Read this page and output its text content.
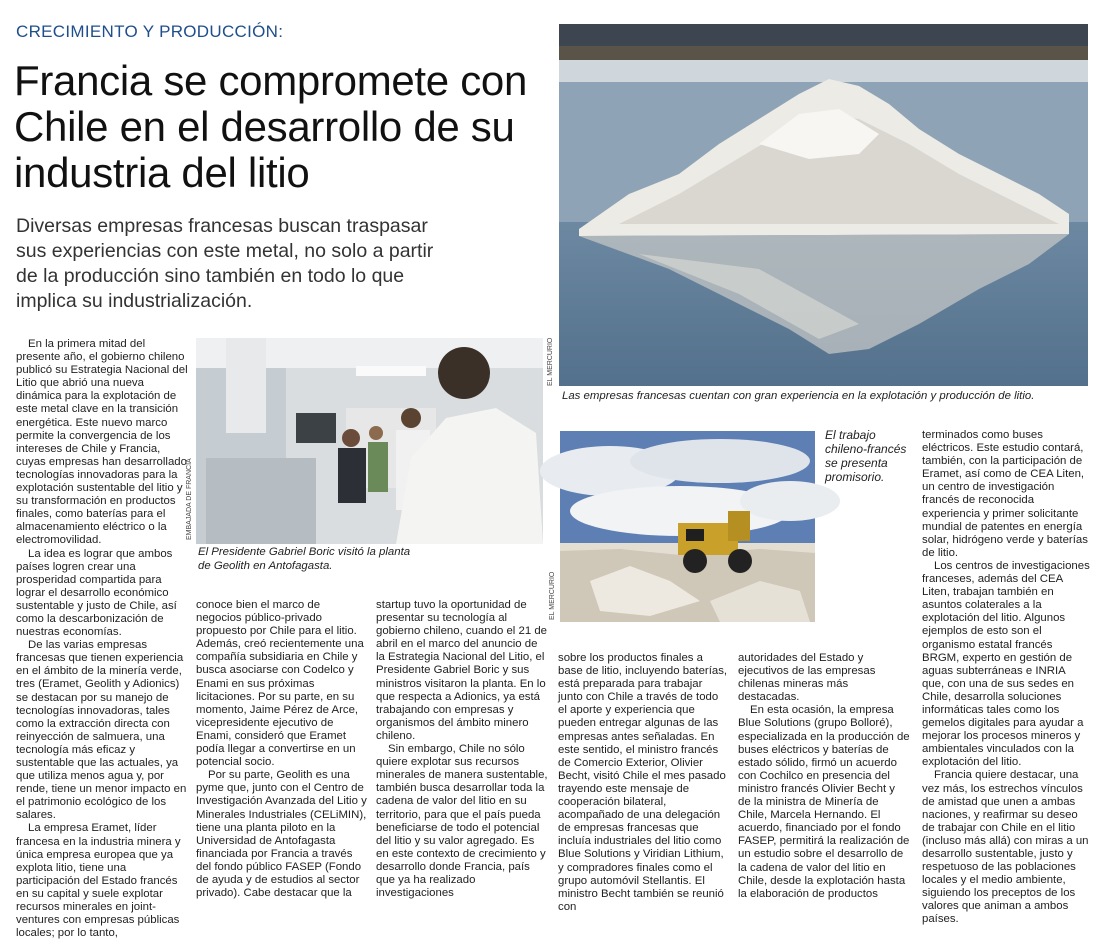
CRECIMIENTO Y PRODUCCIÓN:
Francia se compromete con Chile en el desarrollo de su industria del litio
Diversas empresas francesas buscan traspasar sus experiencias con este metal, no solo a partir de la producción sino también en todo lo que implica su industrialización.
Las empresas francesas cuentan con gran experiencia en la explotación y producción de litio.
EL MERCURIO
El Presidente Gabriel Boric visitó la planta de Geolith en Antofagasta.
EMBAJADA DE FRANCIA
EL MERCURIO
El trabajo chileno-francés se presenta promisorio.

En la primera mitad del presente año, el gobierno chileno publicó su Estrategia Nacional del Litio que abrió una nueva dinámica para la explotación de este metal clave en la transición energética. Este nuevo marco permite la convergencia de los intereses de Chile y Francia, cuyas empresas han desarrollado tecnologías innovadoras para la explotación sustentable del litio y su transformación en productos finales, como baterías para el almacenamiento eléctrico o la electromovilidad.

La idea es lograr que ambos países logren crear una prosperidad compartida para lograr el desarrollo económico sustentable y justo de Chile, así como la descarbonización de nuestras economías.

De las varias empresas francesas que tienen experiencia en el ámbito de la minería verde, tres (Eramet, Geolith y Adionics) se destacan por su manejo de tecnologías innovadoras, tales como la extracción directa con reinyección de salmuera, una tecnología más eficaz y sustentable que las actuales, ya que utiliza menos agua y, por rende, tiene un menor impacto en el patrimonio ecológico de los salares.

La empresa Eramet, líder francesa en la industria minera y única empresa europea que ya explota litio, tiene una participación del Estado francés en su capital y suele explotar recursos minerales en joint-ventures con empresas públicas locales; por lo tanto,

conoce bien el marco de negocios público-privado propuesto por Chile para el litio. Además, creó recientemente una compañía subsidiaria en Chile y busca asociarse con Codelco y Enami en sus próximas licitaciones. Por su parte, en su momento, Jaime Pérez de Arce, vicepresidente ejecutivo de Enami, consideró que Eramet podía llegar a convertirse en un potencial socio.

Por su parte, Geolith es una pyme que, junto con el Centro de Investigación Avanzada del Litio y Minerales Industriales (CELiMIN), tiene una planta piloto en la Universidad de Antofagasta financiada por Francia a través del fondo público FASEP (Fondo de ayuda y de estudios al sector privado). Cabe destacar que la

startup tuvo la oportunidad de presentar su tecnología al gobierno chileno, cuando el 21 de abril en el marco del anuncio de la Estrategia Nacional del Litio, el Presidente Gabriel Boric y sus ministros visitaron la planta. En lo que respecta a Adionics, ya está trabajando con empresas y organismos del ámbito minero chileno.

Sin embargo, Chile no sólo quiere explotar sus recursos minerales de manera sustentable, también busca desarrollar toda la cadena de valor del litio en su territorio, para que el país pueda beneficiarse de todo el potencial del litio y su valor agregado. Es en este contexto de crecimiento y desarrollo donde Francia, país que ya ha realizado investigaciones

sobre los productos finales a base de litio, incluyendo baterías, está preparada para trabajar junto con Chile a través de todo el aporte y experiencia que pueden entregar algunas de las empresas antes señaladas. En este sentido, el ministro francés de Comercio Exterior, Olivier Becht, visitó Chile el mes pasado trayendo este mensaje de cooperación bilateral, acompañado de una delegación de empresas francesas que incluía industriales del litio como Blue Solutions y Viridian Lithium, y compradores finales como el grupo automóvil Stellantis. El ministro Becht también se reunió con

autoridades del Estado y ejecutivos de las empresas chilenas mineras más destacadas.

En esta ocasión, la empresa Blue Solutions (grupo Bolloré), especializada en la producción de buses eléctricos y baterías de estado sólido, firmó un acuerdo con Cochilco en presencia del ministro francés Olivier Becht y de la ministra de Minería de Chile, Marcela Hernando. El acuerdo, financiado por el fondo FASEP, permitirá la realización de un estudio sobre el desarrollo de la cadena de valor del litio en Chile, desde la explotación hasta la elaboración de productos

terminados como buses eléctricos. Este estudio contará, también, con la participación de Eramet, así como de CEA Liten, un centro de investigación francés de reconocida experiencia y primer solicitante mundial de patentes en energía solar, hidrógeno verde y baterías de litio.

Los centros de investigaciones franceses, además del CEA Liten, trabajan también en asuntos colaterales a la explotación del litio. Algunos ejemplos de esto son el organismo estatal francés BRGM, experto en gestión de aguas subterráneas e INRIA que, con una de sus sedes en Chile, desarrolla soluciones informáticas tales como los gemelos digitales para ayudar a mejorar los procesos mineros y ambientales vinculados con la explotación del litio.

Francia quiere destacar, una vez más, los estrechos vínculos de amistad que unen a ambas naciones, y reafirmar su deseo de trabajar con Chile en el litio (incluso más allá) con miras a un desarrollo sustentable, justo y respetuoso de las poblaciones locales y el medio ambiente, siguiendo los preceptos de los valores que animan a ambos países.
